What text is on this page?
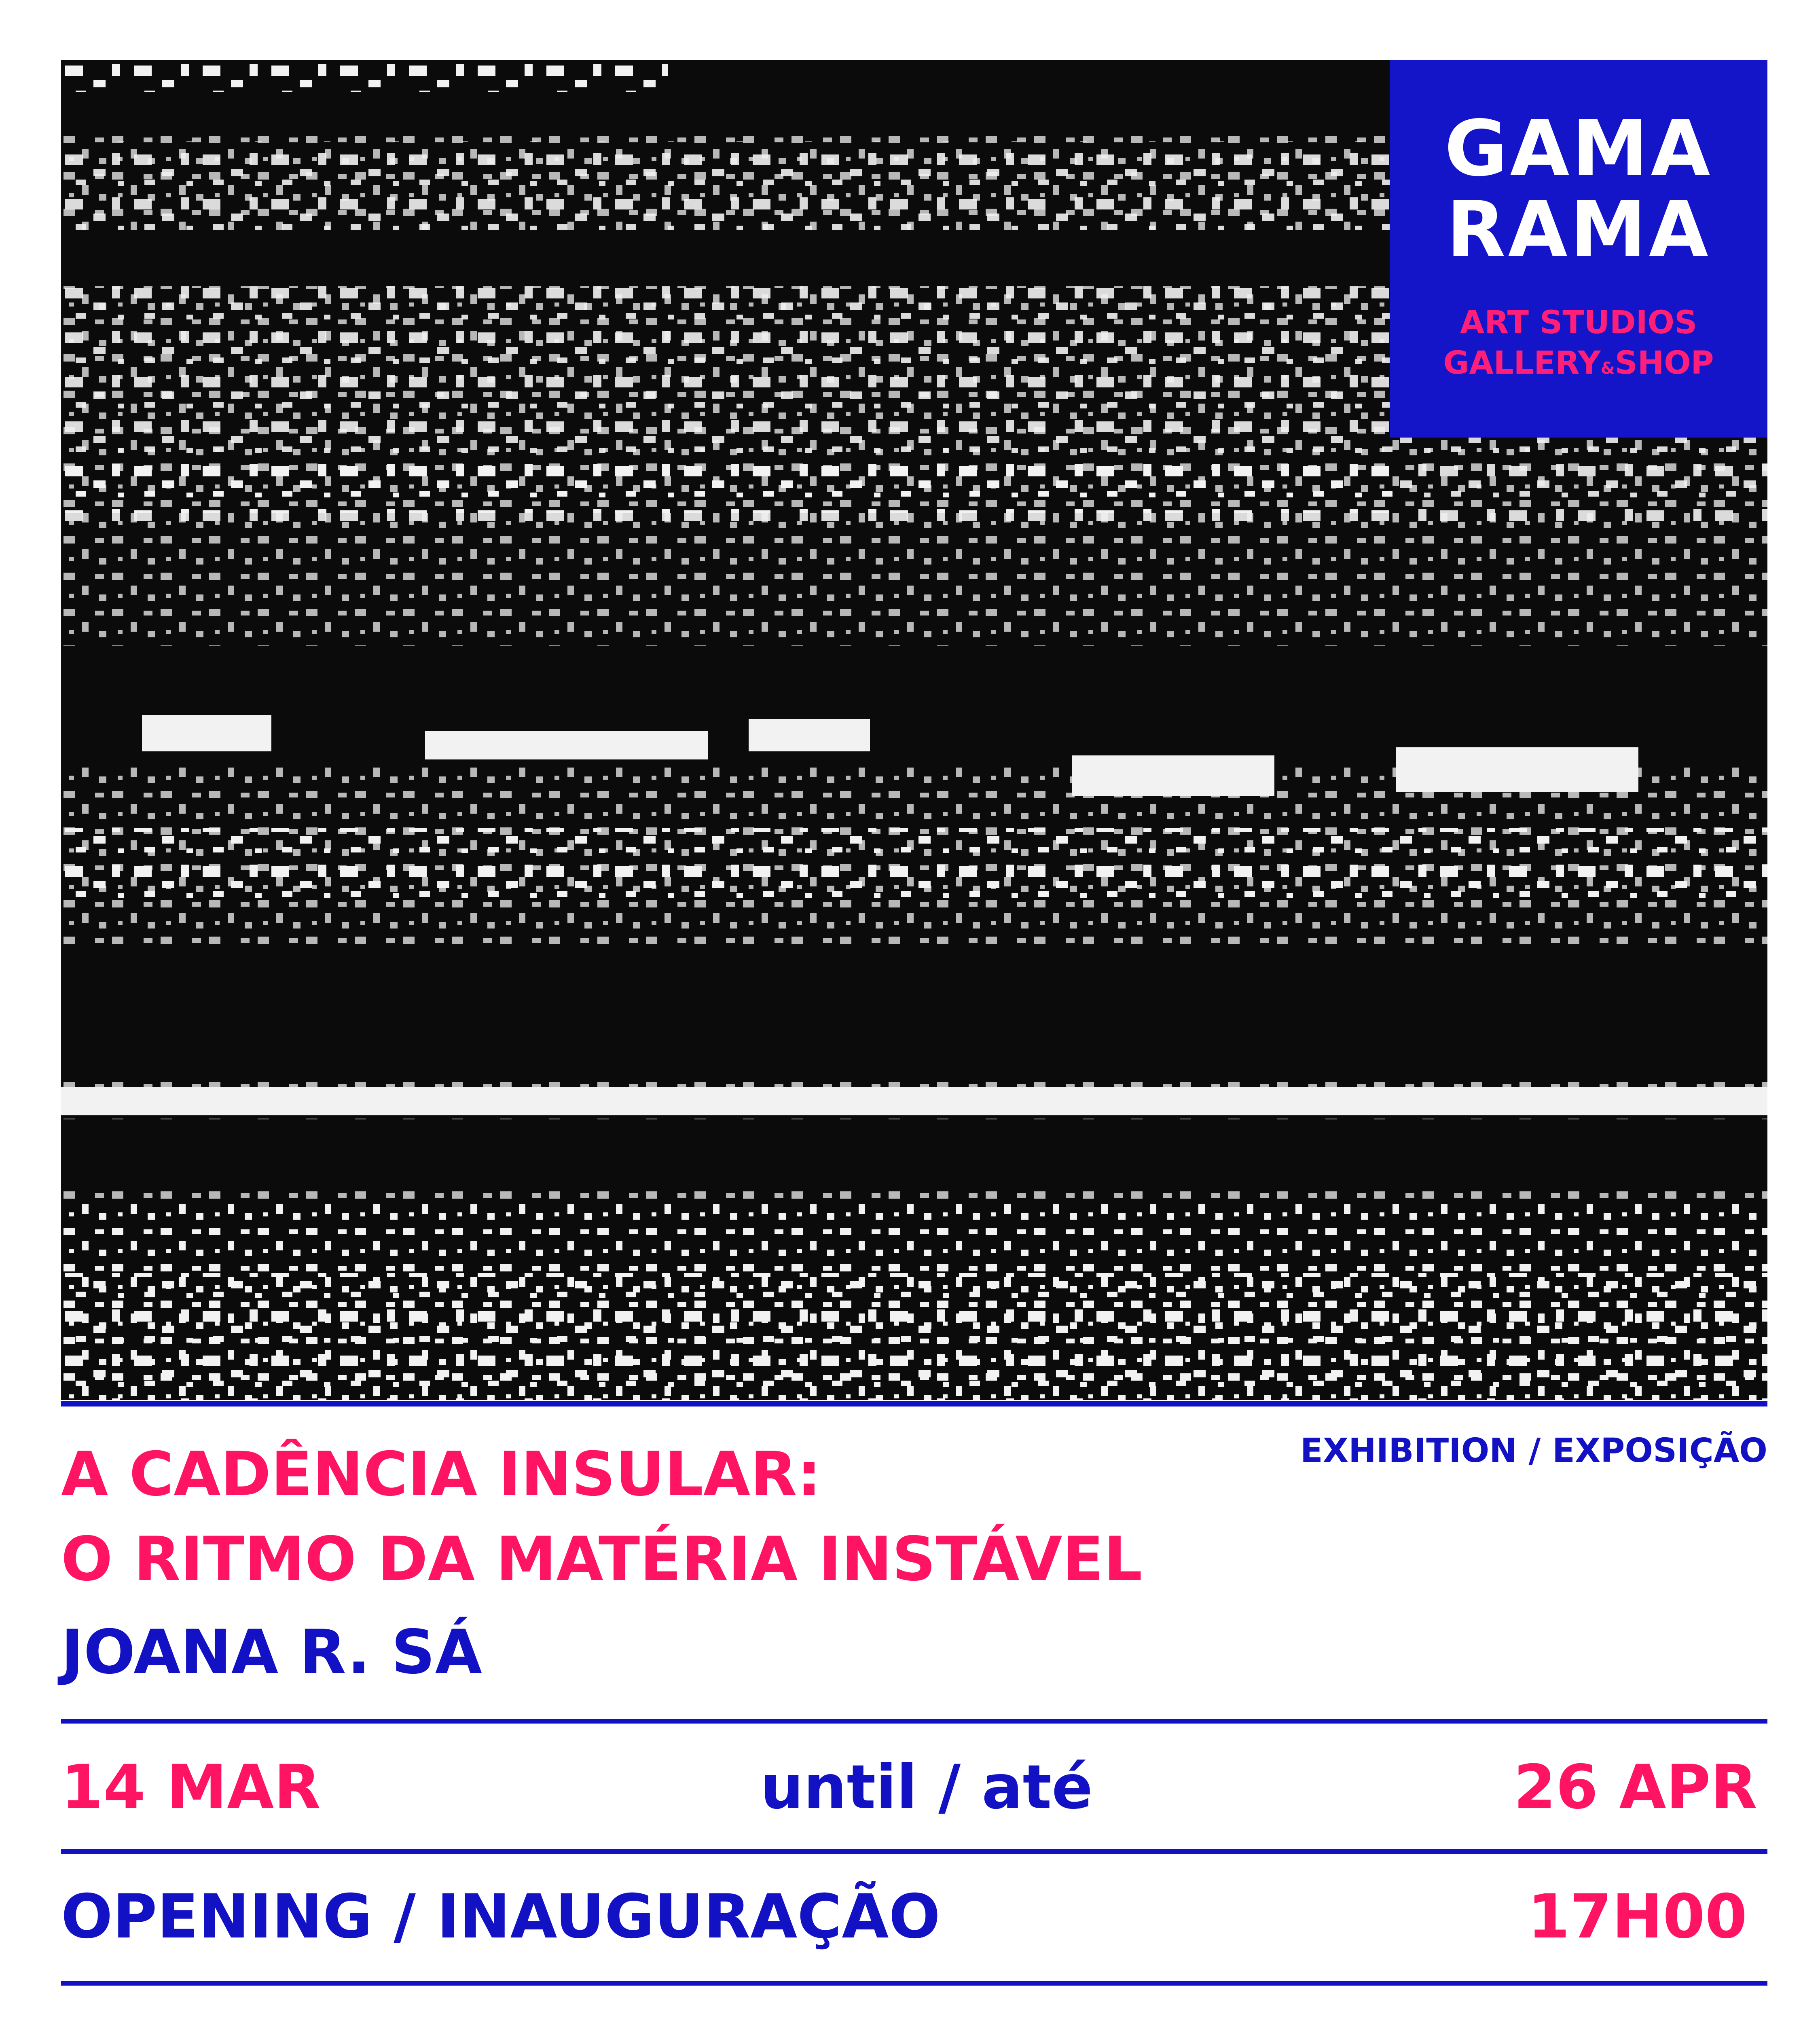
GAMA
RAMA
ART STUDIOS
GALLERY&SHOP
EXHIBITION / EXPOSIÇÃO
A CADÊNCIA INSULAR:
O RITMO DA MATÉRIA INSTÁVEL
JOANA R. SÁ
14 MAR	until / até	26 APR
OPENING / INAUGURAÇÃO	17H00
